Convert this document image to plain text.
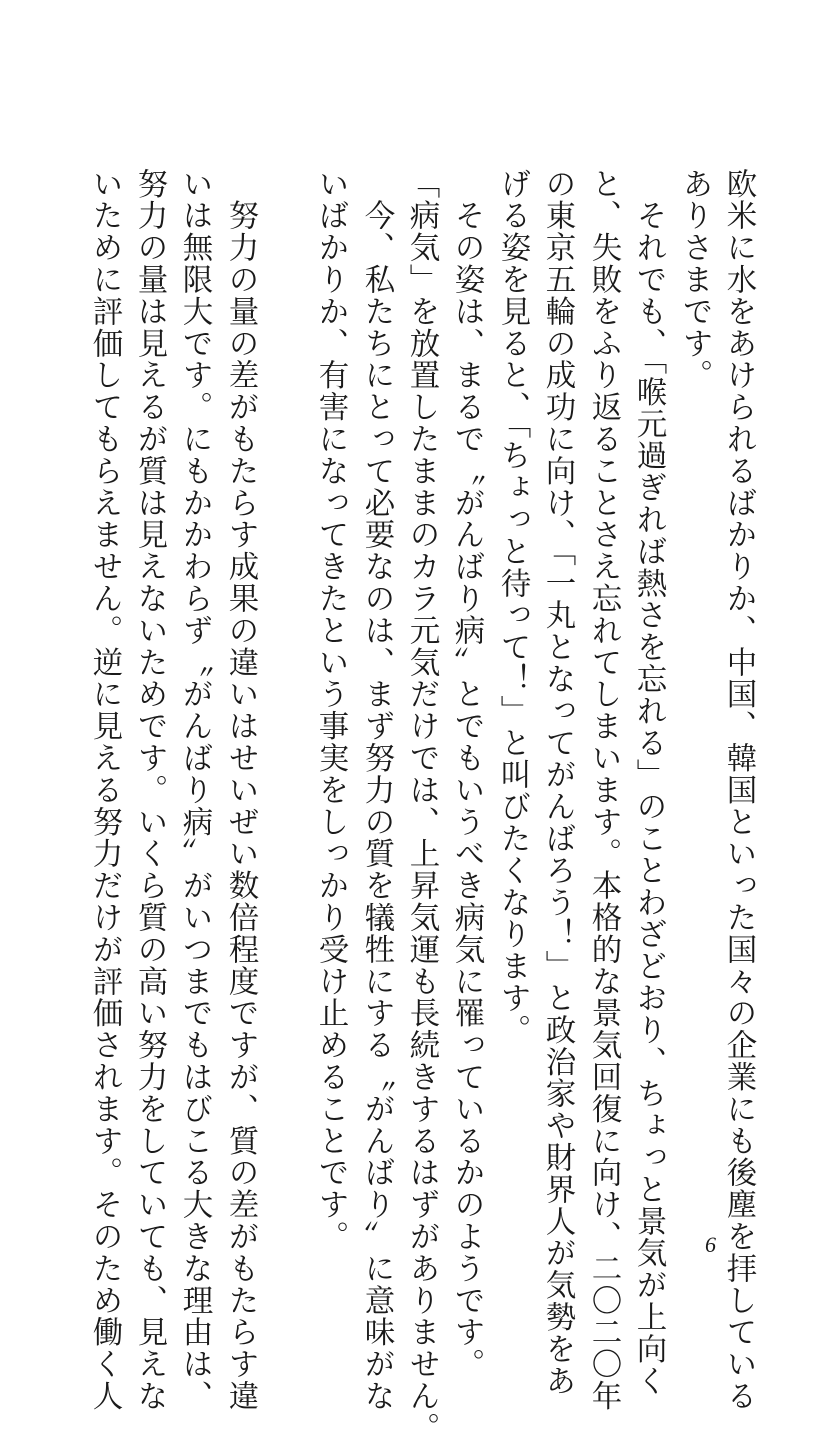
欧米に水をあけられるばかりか、中国、韓国といった国々の企業にも後塵を拝している
ありさまです。
　それでも、「喉元過ぎれば熱さを忘れる」のことわざどおり、ちょっと景気が上向く
と、失敗をふり返ることさえ忘れてしまいます。本格的な景気回復に向け、二〇二〇年
の東京五輪の成功に向け、「一丸となってがんばろう！」と政治家や財界人が気勢をあ
げる姿を見ると、「ちょっと待って！」と叫びたくなります。
　その姿は、まるで〝がんばり病〟とでもいうべき病気に罹っているかのようです。
「病気」を放置したままのカラ元気だけでは、上昇気運も長続きするはずがありません。
　今、私たちにとって必要なのは、まず努力の質を犠牲にする〝がんばり〟に意味がな
いばかりか、有害になってきたという事実をしっかり受け止めることです。
　努力の量の差がもたらす成果の違いはせいぜい数倍程度ですが、質の差がもたらす違
いは無限大です。にもかかわらず〝がんばり病〟がいつまでもはびこる大きな理由は、
努力の量は見えるが質は見えないためです。いくら質の高い努力をしていても、見えな
いために評価してもらえません。逆に見える努力だけが評価されます。そのため働く人	6
